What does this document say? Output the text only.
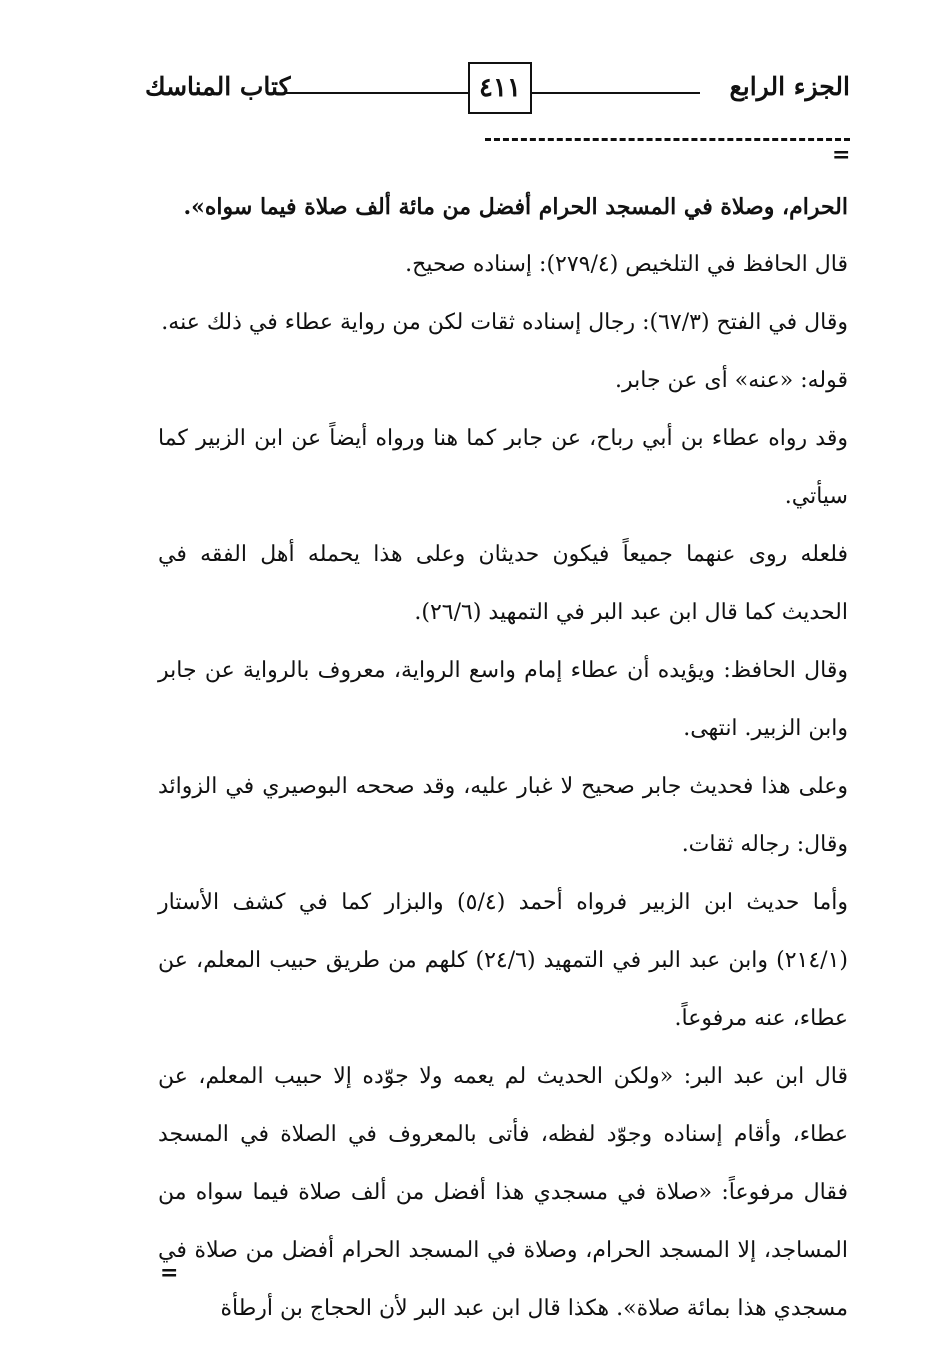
الجزء الرابع
٤١١
كتاب المناسك
=

الحرام، وصلاة في المسجد الحرام أفضل من مائة ألف صلاة فيما سواه».

قال الحافظ في التلخيص (٢٧٩/٤): إسناده صحيح.

وقال في الفتح (٦٧/٣): رجال إسناده ثقات لكن من رواية عطاء في ذلك عنه.

قوله: «عنه» أى عن جابر.

وقد رواه عطاء بن أبي رباح، عن جابر كما هنا ورواه أيضاً عن ابن الزبير كما سيأتي.

فلعله روى عنهما جميعاً فيكون حديثان وعلى هذا يحمله أهل الفقه في الحديث كما قال ابن عبد البر في التمهيد (٢٦/٦).

وقال الحافظ: ويؤيده أن عطاء إمام واسع الرواية، معروف بالرواية عن جابر وابن الزبير. انتهى.

وعلى هذا فحديث جابر صحيح لا غبار عليه، وقد صححه البوصيري في الزوائد وقال: رجاله ثقات.

وأما حديث ابن الزبير فرواه أحمد (٥/٤) والبزار كما في كشف الأستار (٢١٤/١) وابن عبد البر في التمهيد (٢٤/٦) كلهم من طريق حبيب المعلم، عن عطاء، عنه مرفوعاً.

قال ابن عبد البر: «ولكن الحديث لم يعمه ولا جوّده إلا حبيب المعلم، عن عطاء، وأقام إسناده وجوّد لفظه، فأتى بالمعروف في الصلاة في المسجد فقال مرفوعاً: «صلاة في مسجدي هذا أفضل من ألف صلاة فيما سواه من المساجد، إلا المسجد الحرام، وصلاة في المسجد الحرام أفضل من صلاة في مسجدي هذا بمائة صلاة». هكذا قال ابن عبد البر لأن الحجاج بن أرطأة

=
